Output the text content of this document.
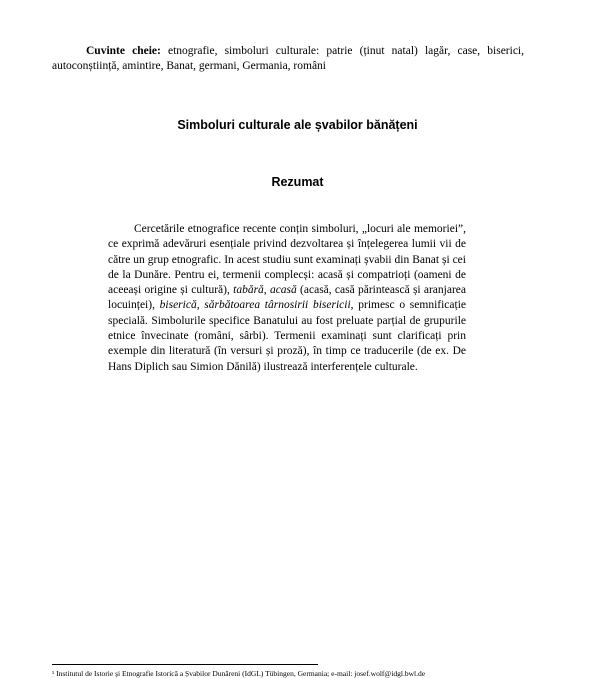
Cuvinte cheie: etnografie, simboluri culturale: patrie (ținut natal) lagăr, case, biserici, autoconștiință, amintire, Banat, germani, Germania, români
Simboluri culturale ale șvabilor bănățeni
Rezumat
Cercetările etnografice recente conțin simboluri, „locuri ale memoriei”, ce exprimă adevăruri esențiale privind dezvoltarea și înțelegerea lumii vii de către un grup etnografic. In acest studiu sunt examinați șvabii din Banat și cei de la Dunăre. Pentru ei, termenii complecși: acasă și compatrioți (oameni de aceeași origine și cultură), tabără, acasă (acasă, casă părintească și aranjarea locuinței), biserică, sărbătoarea târnosirii bisericii, primesc o semnificație specială. Simbolurile specifice Banatului au fost preluate parțial de grupurile etnice învecinate (români, sârbi). Termenii examinați sunt clarificați prin exemple din literatură (în versuri și proză), în timp ce traducerile (de ex. De Hans Diplich sau Simion Dănilă) ilustrează interferențele culturale.
¹ Institutul de Istorie și Etnografie Istorică a Șvabilor Dunăreni (IdGL) Tübingen, Germania; e-mail: josef.wolf@idgl.bwl.de
